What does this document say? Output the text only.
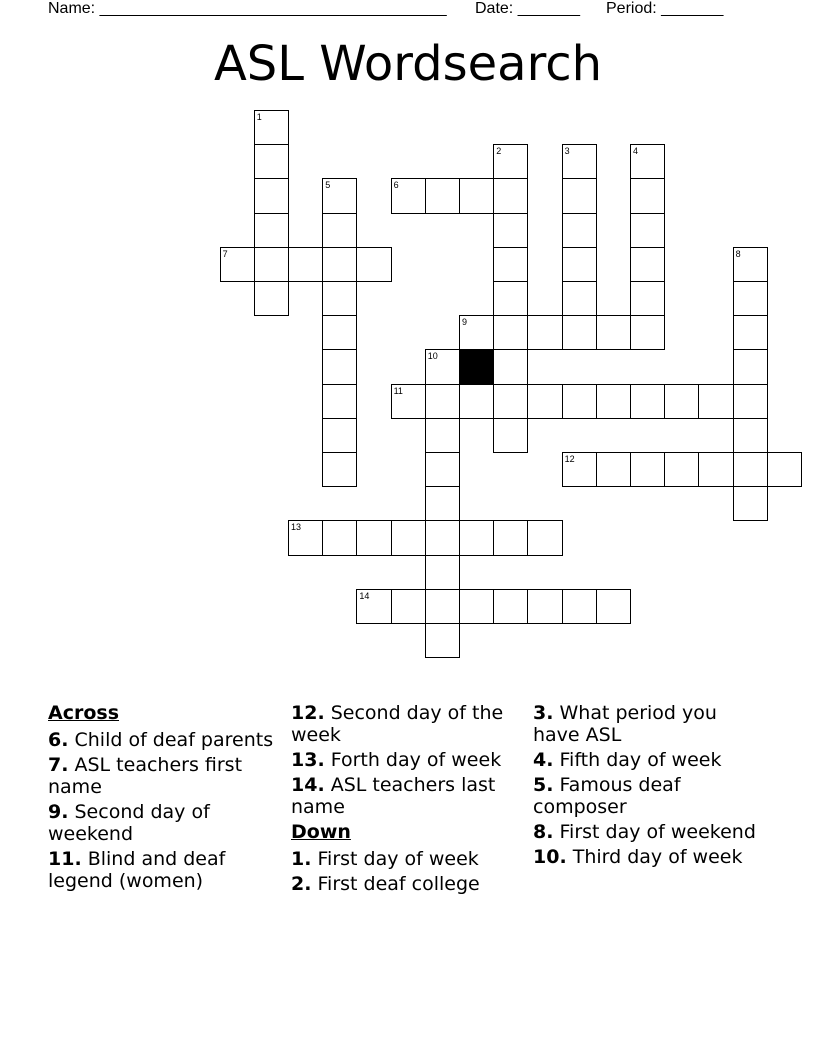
Name: _______________________________________ Date: _______ Period: _______
ASL Wordsearch
1
2	3	4
5	6
7	8
9
10
11
12
13
14
Across
6. Child of deaf parents
7. ASL teachers first name
9. Second day of weekend
11. Blind and deaf legend (women)
12. Second day of the week
13. Forth day of week
14. ASL teachers last name
Down
1. First day of week
2. First deaf college
3. What period you have ASL
4. Fifth day of week
5. Famous deaf composer
8. First day of weekend
10. Third day of week
